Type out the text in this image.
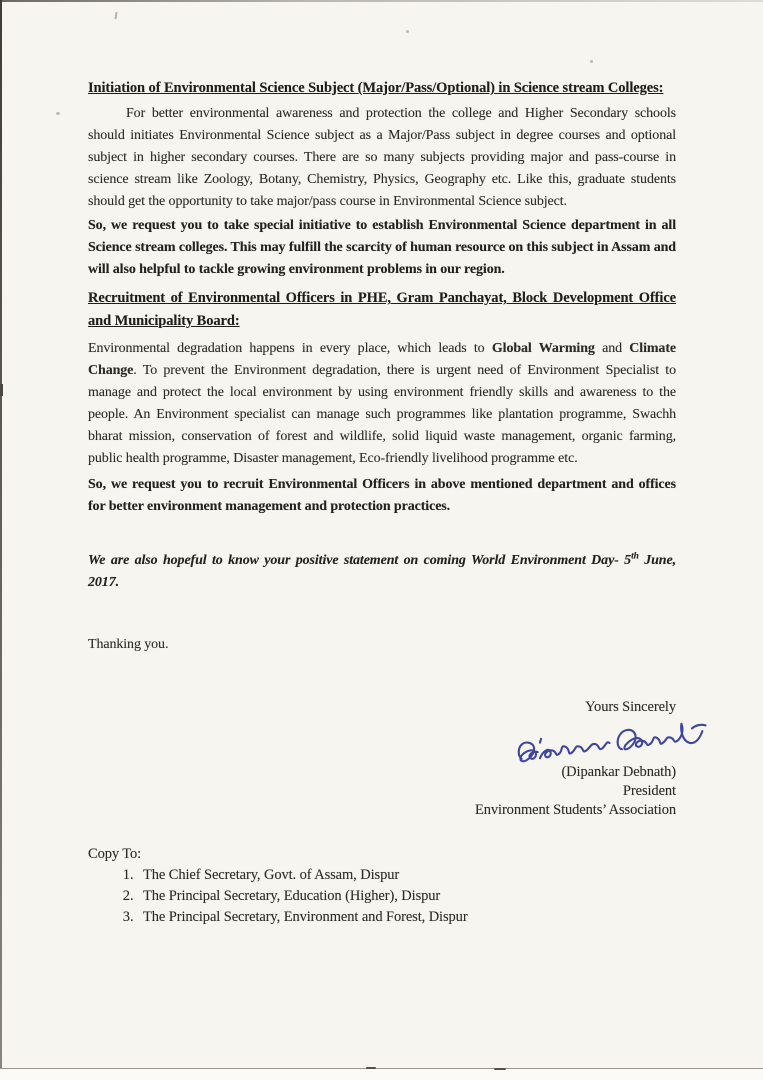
Initiation of Environmental Science Subject (Major/Pass/Optional) in Science stream Colleges:

For better environmental awareness and protection the college and Higher Secondary schools should initiates Environmental Science subject as a Major/Pass subject in degree courses and optional subject in higher secondary courses. There are so many subjects providing major and pass-course in science stream like Zoology, Botany, Chemistry, Physics, Geography etc. Like this, graduate students should get the opportunity to take major/pass course in Environmental Science subject.

So, we request you to take special initiative to establish Environmental Science department in all Science stream colleges. This may fulfill the scarcity of human resource on this subject in Assam and will also helpful to tackle growing environment problems in our region.

Recruitment of Environmental Officers in PHE, Gram Panchayat, Block Development Office and Municipality Board:

Environmental degradation happens in every place, which leads to Global Warming and Climate Change. To prevent the Environment degradation, there is urgent need of Environment Specialist to manage and protect the local environment by using environment friendly skills and awareness to the people. An Environment specialist can manage such programmes like plantation programme, Swachh bharat mission, conservation of forest and wildlife, solid liquid waste management, organic farming, public health programme, Disaster management, Eco-friendly livelihood programme etc.

So, we request you to recruit Environmental Officers in above mentioned department and offices for better environment management and protection practices.

We are also hopeful to know your positive statement on coming World Environment Day- 5th June, 2017.

Thanking you.

Yours Sincerely
(Dipankar Debnath)
President
Environment Students’ Association
Copy To:
1. The Chief Secretary, Govt. of Assam, Dispur
2. The Principal Secretary, Education (Higher), Dispur
3. The Principal Secretary, Environment and Forest, Dispur
